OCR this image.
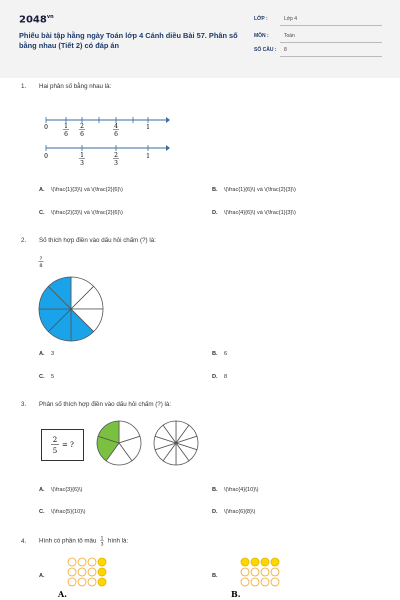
$2048^{vn}$
Phiếu bài tập hằng ngày Toán lớp 4 Cánh diều Bài 57. Phân số bằng nhau (Tiết 2) có đáp án
LỚP :	Lớp 4
MÔN :	Toán
SỐ CÂU : 8
1. Hai phân số bằng nhau là:
0	1
6
2
6
4
6
1
0	1
3
2
3
1
A. \(\frac{1}{3}\) và \(\frac{2}{6}\)	B. \(\frac{1}{6}\) và \(\frac{2}{3}\)
C. \(\frac{2}{3}\) và \(\frac{2}{6}\)	D. \(\frac{4}{6}\) và \(\frac{1}{3}\)
2. Số thích hợp điền vào dấu hỏi chấm (?) là:
?
8
A. 3	B. 6
C. 5	D. 8
3. Phân số thích hợp điền vào dấu hỏi chấm (?) là:
2
5
= ?
A. \(\frac{3}{6}\)	B. \(\frac{4}{10}\)
C. \(\frac{5}{10}\)	D. \(\frac{6}{8}\)
4. Hình có phần tô màu 1
3
hình là:
A.	B.
A.	B.
